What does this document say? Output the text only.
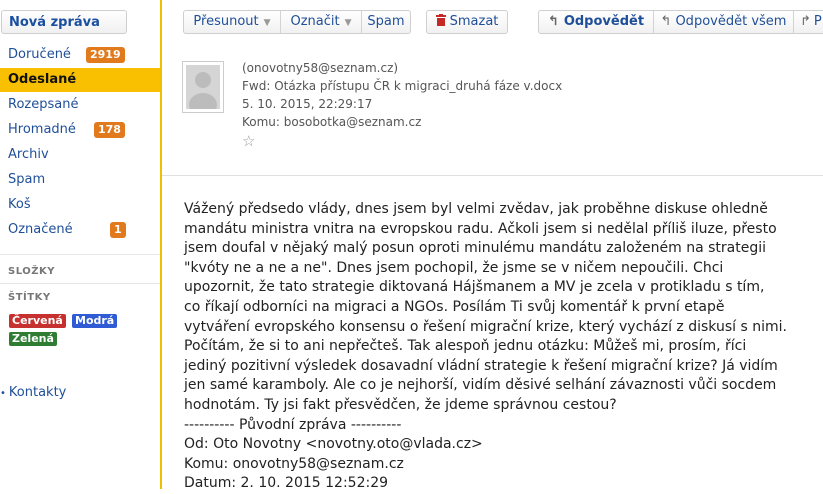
Nová zpráva
Doručené	2919
Odeslané
Rozepsané
Hromadné	178
Archiv
Spam
Koš
Označené	1
SLOŽKY
ŠTÍTKY
Červená Modrá
Zelená
• Kontakty
Přesunout ▼	Označit ▼	Spam	Smazat	↰ Odpovědět	↰ Odpovědět všem	↱ P
(onovotny58@seznam.cz)
Fwd: Otázka přístupu ČR k migraci_druhá fáze v.docx
5. 10. 2015, 22:29:17
Komu: bosobotka@seznam.cz
☆
Vážený předsedo vlády, dnes jsem byl velmi zvědav, jak proběhne diskuse ohledně
mandátu ministra vnitra na evropskou radu. Ačkoli jsem si nedělal příliš iluze, přesto
jsem doufal v nějaký malý posun oproti minulému mandátu založeném na strategii
"kvóty ne a ne a ne". Dnes jsem pochopil, že jsme se v ničem nepoučili. Chci
upozornit, že tato strategie diktovaná Hájšmanem a MV je zcela v protikladu s tím,
co říkají odborníci na migraci a NGOs. Posílám Ti svůj komentář k první etapě
vytváření evropského konsensu o řešení migrační krize, který vychází z diskusí s nimi.
Počítám, že si to ani nepřečteš. Tak alespoň jednu otázku: Můžeš mi, prosím, říci
jediný pozitivní výsledek dosavadní vládní strategie k řešení migrační krize? Já vidím
jen samé karamboly. Ale co je nejhorší, vidím děsivé selhání závaznosti vůči socdem
hodnotám. Ty jsi fakt přesvědčen, že jdeme správnou cestou?
---------- Původní zpráva ----------
Od: Oto Novotny <novotny.oto@vlada.cz>
Komu: onovotny58@seznam.cz
Datum: 2. 10. 2015 12:52:29
